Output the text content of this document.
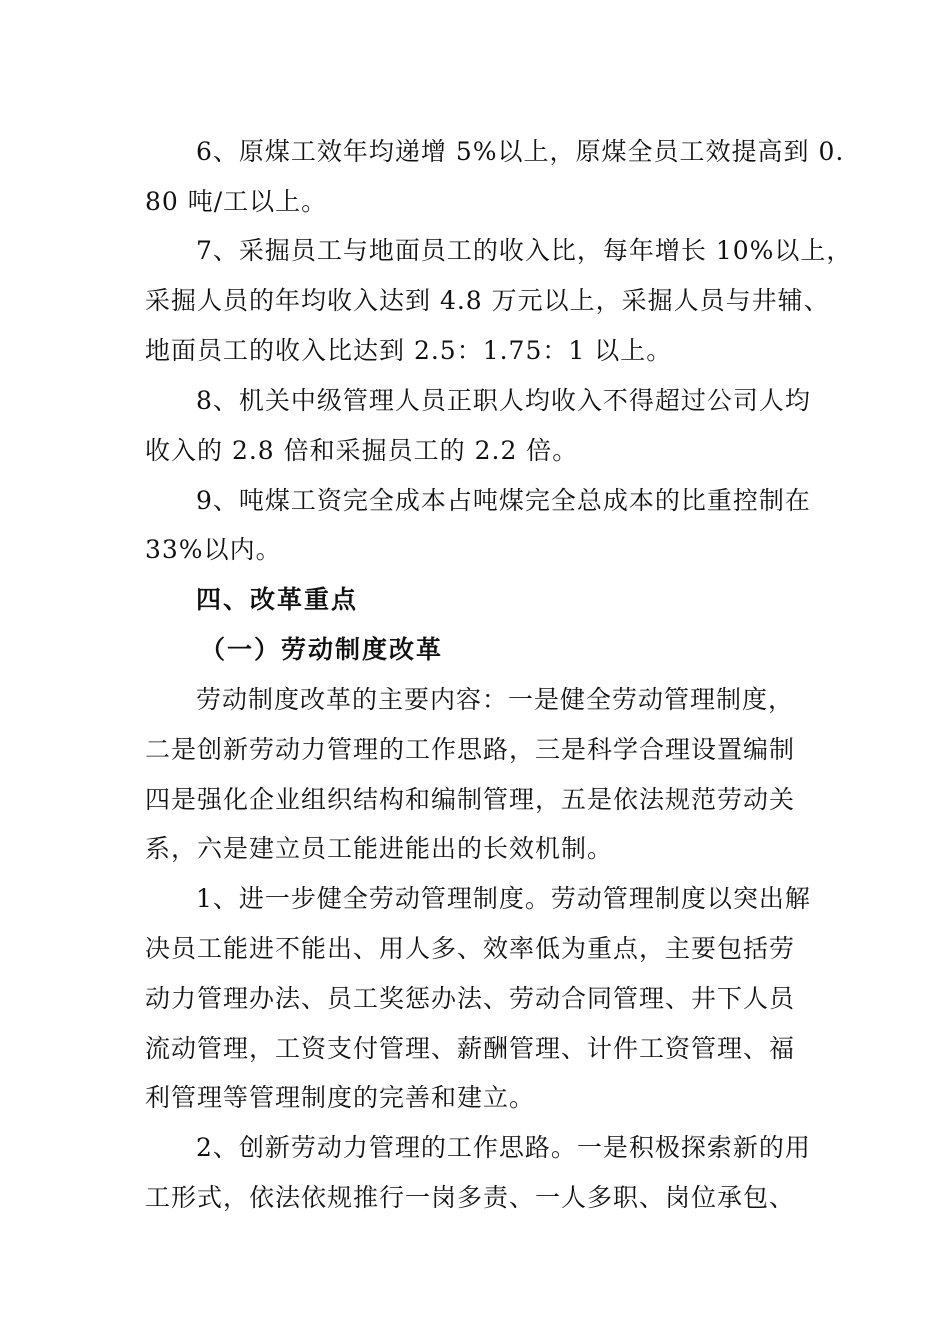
6、原煤工效年均递增 5%以上，原煤全员工效提高到 0.
80 吨/工以上。
7、采掘员工与地面员工的收入比，每年增长 10%以上，
采掘人员的年均收入达到 4.8 万元以上，采掘人员与井辅、
地面员工的收入比达到 2.5：1.75：1 以上。
8、机关中级管理人员正职人均收入不得超过公司人均
收入的 2.8 倍和采掘员工的 2.2 倍。
9、吨煤工资完全成本占吨煤完全总成本的比重控制在
33%以内。
四、改革重点
（一）劳动制度改革
劳动制度改革的主要内容：一是健全劳动管理制度，
二是创新劳动力管理的工作思路，三是科学合理设置编制
四是强化企业组织结构和编制管理，五是依法规范劳动关
系，六是建立员工能进能出的长效机制。
1、进一步健全劳动管理制度。劳动管理制度以突出解
决员工能进不能出、用人多、效率低为重点，主要包括劳
动力管理办法、员工奖惩办法、劳动合同管理、井下人员
流动管理，工资支付管理、薪酬管理、计件工资管理、福
利管理等管理制度的完善和建立。
2、创新劳动力管理的工作思路。一是积极探索新的用
工形式，依法依规推行一岗多责、一人多职、岗位承包、
